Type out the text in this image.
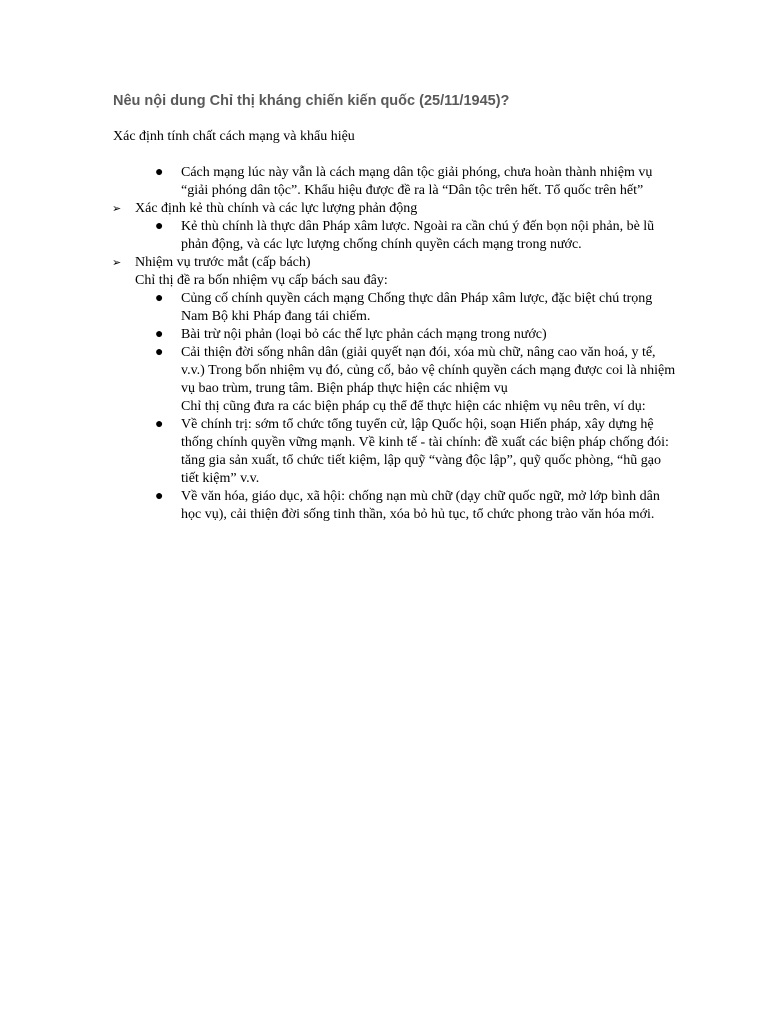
Nêu nội dung Chỉ thị kháng chiến kiến quốc (25/11/1945)?
Xác định tính chất cách mạng và khẩu hiệu
● Cách mạng lúc này vẫn là cách mạng dân tộc giải phóng, chưa hoàn thành nhiệm vụ “giải phóng dân tộc”. Khẩu hiệu được đề ra là “Dân tộc trên hết. Tổ quốc trên hết”
➢ Xác định kẻ thù chính và các lực lượng phản động
● Kẻ thù chính là thực dân Pháp xâm lược. Ngoài ra cần chú ý đến bọn nội phản, bè lũ phản động, và các lực lượng chống chính quyền cách mạng trong nước.
➢ Nhiệm vụ trước mắt (cấp bách)
Chỉ thị đề ra bốn nhiệm vụ cấp bách sau đây:
● Củng cố chính quyền cách mạng Chống thực dân Pháp xâm lược, đặc biệt chú trọng Nam Bộ khi Pháp đang tái chiếm.
● Bài trừ nội phản (loại bỏ các thế lực phản cách mạng trong nước)
● Cải thiện đời sống nhân dân (giải quyết nạn đói, xóa mù chữ, nâng cao văn hoá, y tế, v.v.) Trong bốn nhiệm vụ đó, củng cố, bảo vệ chính quyền cách mạng được coi là nhiệm vụ bao trùm, trung tâm. Biện pháp thực hiện các nhiệm vụ
Chỉ thị cũng đưa ra các biện pháp cụ thể để thực hiện các nhiệm vụ nêu trên, ví dụ:
● Về chính trị: sớm tổ chức tổng tuyển cử, lập Quốc hội, soạn Hiến pháp, xây dựng hệ thống chính quyền vững mạnh. Về kinh tế - tài chính: đề xuất các biện pháp chống đói: tăng gia sản xuất, tổ chức tiết kiệm, lập quỹ “vàng độc lập”, quỹ quốc phòng, “hũ gạo tiết kiệm” v.v.
● Về văn hóa, giáo dục, xã hội: chống nạn mù chữ (dạy chữ quốc ngữ, mở lớp bình dân học vụ), cải thiện đời sống tinh thần, xóa bỏ hủ tục, tổ chức phong trào văn hóa mới.
